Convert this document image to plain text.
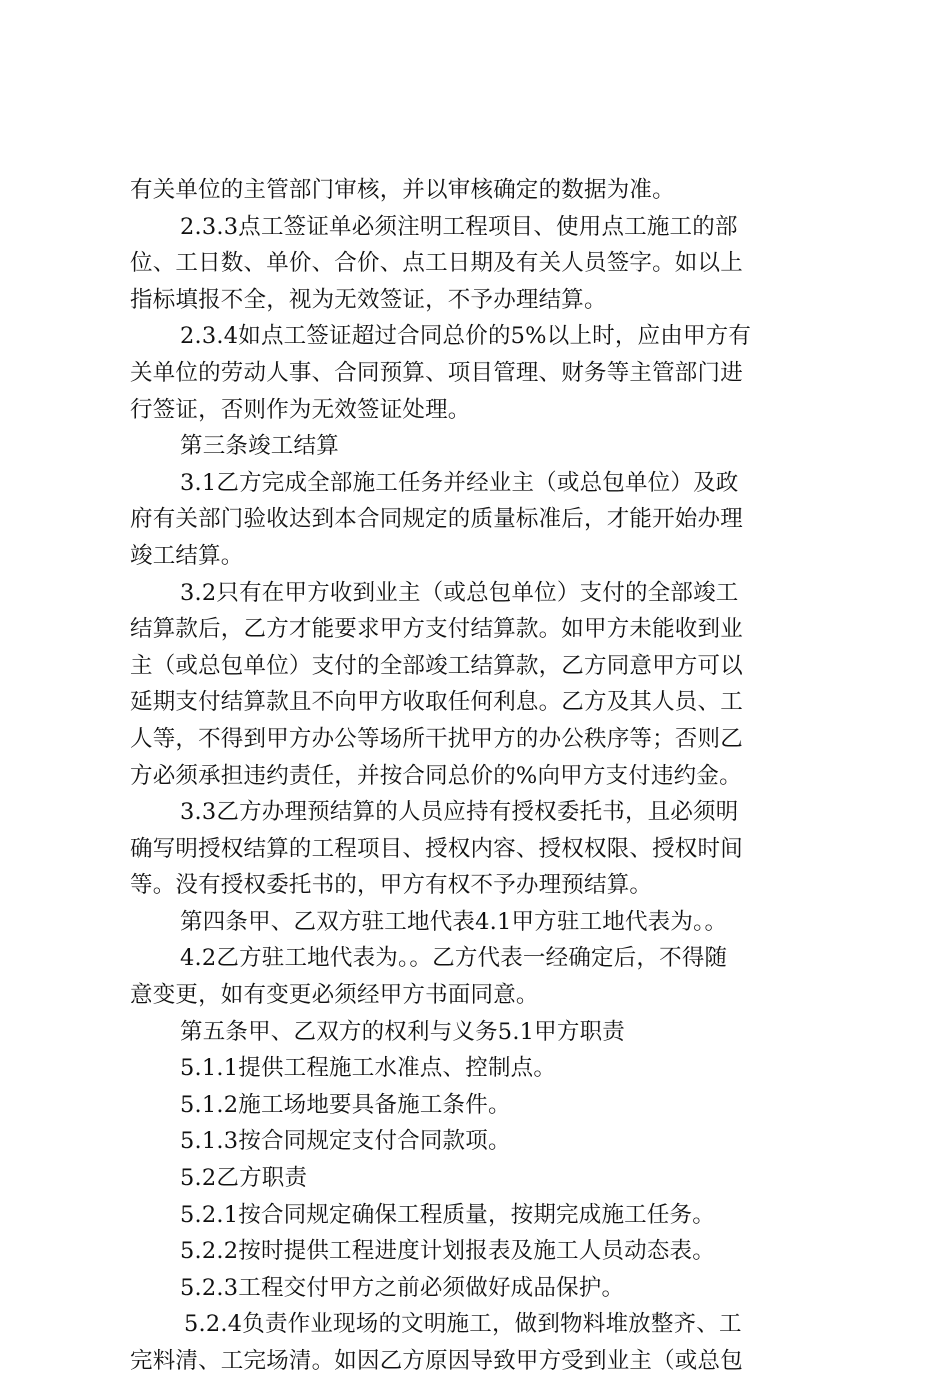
有关单位的主管部门审核，并以审核确定的数据为准。
2.3.3点工签证单必须注明工程项目、使用点工施工的部
位、工日数、单价、合价、点工日期及有关人员签字。如以上
指标填报不全，视为无效签证，不予办理结算。
2.3.4如点工签证超过合同总价的5%以上时，应由甲方有
关单位的劳动人事、合同预算、项目管理、财务等主管部门进
行签证，否则作为无效签证处理。
第三条竣工结算
3.1乙方完成全部施工任务并经业主（或总包单位）及政
府有关部门验收达到本合同规定的质量标准后，才能开始办理
竣工结算。
3.2只有在甲方收到业主（或总包单位）支付的全部竣工
结算款后，乙方才能要求甲方支付结算款。如甲方未能收到业
主（或总包单位）支付的全部竣工结算款，乙方同意甲方可以
延期支付结算款且不向甲方收取任何利息。乙方及其人员、工
人等，不得到甲方办公等场所干扰甲方的办公秩序等；否则乙
方必须承担违约责任，并按合同总价的%向甲方支付违约金。
3.3乙方办理预结算的人员应持有授权委托书，且必须明
确写明授权结算的工程项目、授权内容、授权权限、授权时间
等。没有授权委托书的，甲方有权不予办理预结算。
第四条甲、乙双方驻工地代表4.1甲方驻工地代表为。。
4.2乙方驻工地代表为。。乙方代表一经确定后，不得随
意变更，如有变更必须经甲方书面同意。
第五条甲、乙双方的权利与义务5.1甲方职责
5.1.1提供工程施工水准点、控制点。
5.1.2施工场地要具备施工条件。
5.1.3按合同规定支付合同款项。
5.2乙方职责
5.2.1按合同规定确保工程质量，按期完成施工任务。
5.2.2按时提供工程进度计划报表及施工人员动态表。
5.2.3工程交付甲方之前必须做好成品保护。
5.2.4负责作业现场的文明施工，做到物料堆放整齐、工
完料清、工完场清。如因乙方原因导致甲方受到业主（或总包
